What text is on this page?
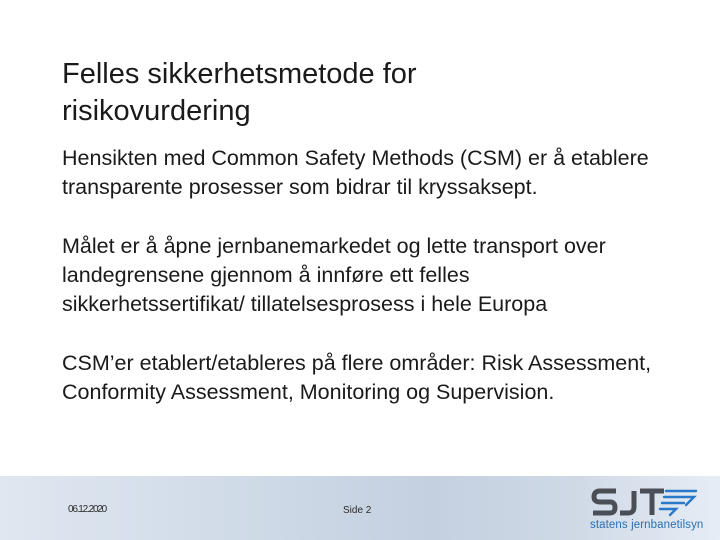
Felles sikkerhetsmetode for
risikovurdering

Hensikten med Common Safety Methods (CSM) er å etablere transparente prosesser som bidrar til kryssaksept.

Målet er å åpne jernbanemarkedet og lette transport over landegrensene gjennom å innføre ett felles sikkerhetssertifikat/ tillatelsesprosess i hele Europa

CSM’er etablert/etableres på flere områder: Risk Assessment, Conformity Assessment, Monitoring og Supervision.

06.12.2020	Side 2
statens jernbanetilsyn
